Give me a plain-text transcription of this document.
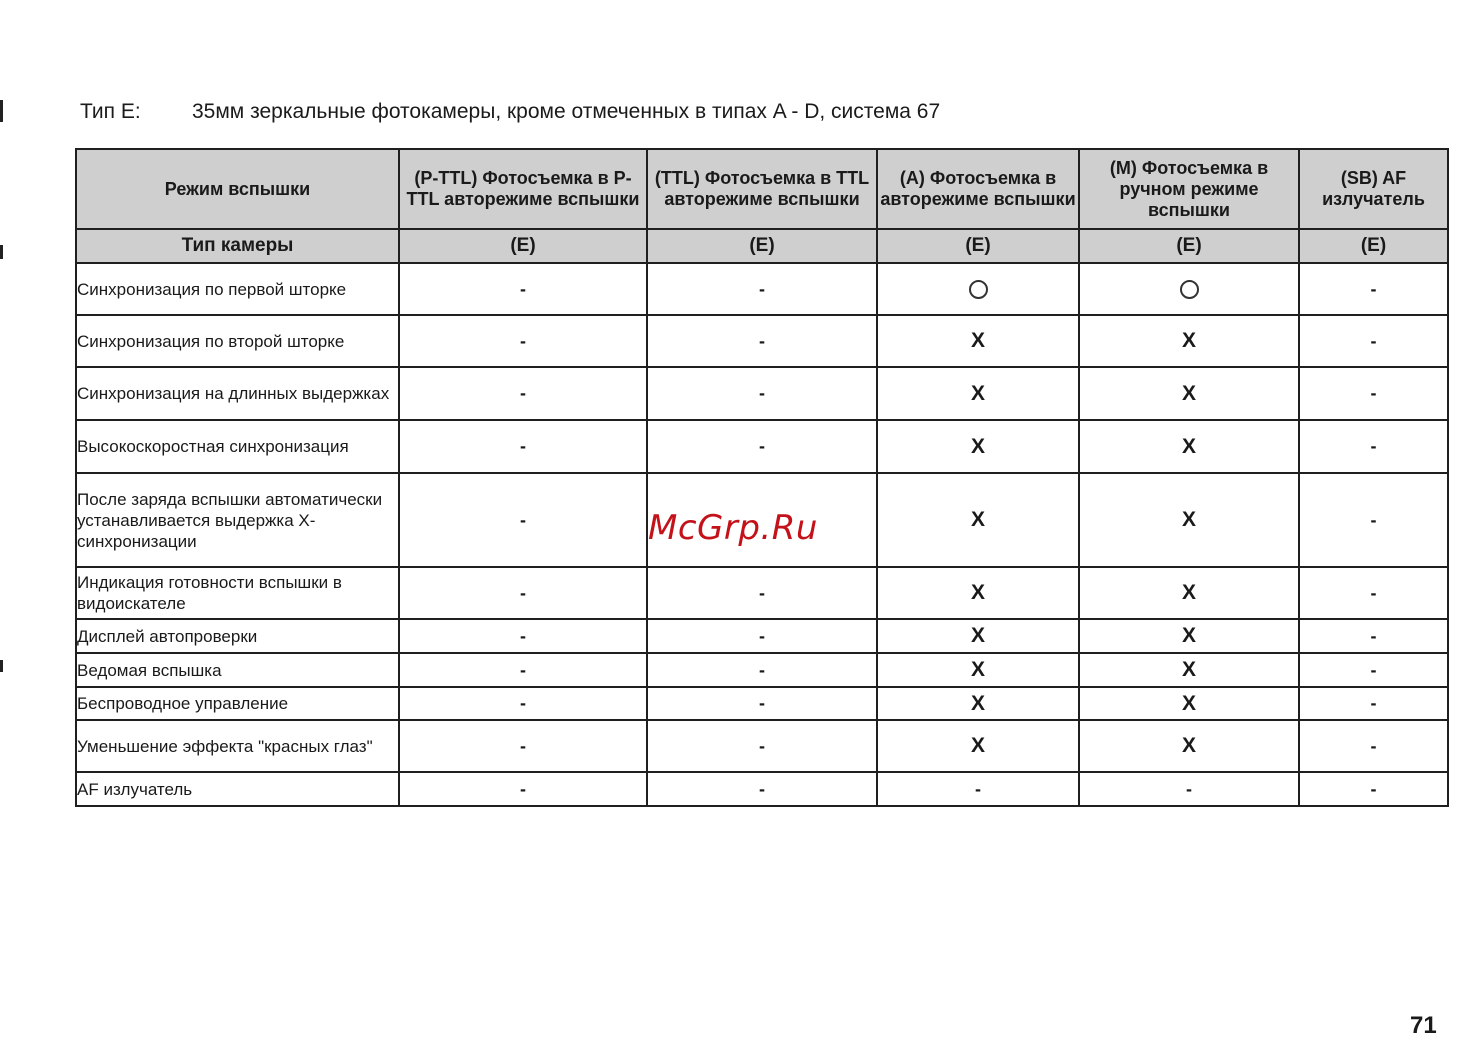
Тип E: 35мм зеркальные фотокамеры, кроме отмеченных в типах A - D, система 67
Режим вспышки	(P-TTL) Фотосъемка в P-TTL авторежиме вспышки	(TTL) Фотосъемка в TTL авторежиме вспышки	(A) Фотосъемка в авторежиме вспышки	(M) Фотосъемка в ручном режиме вспышки	(SB) AF излучатель
Тип камеры	(E)	(E)	(E)	(E)	(E)
Синхронизация по первой шторке	-	-			-
Синхронизация по второй шторке	-	-	X	X	-
Синхронизация на длинных выдержках	-	-	X	X	-
Высокоскоростная синхронизация	-	-	X	X	-
После заряда вспышки автоматически устанавливается выдержка X-синхронизации	-		X	X	-
Индикация готовности вспышки в видоискателе	-	-	X	X	-
Дисплей автопроверки	-	-	X	X	-
Ведомая вспышка	-	-	X	X	-
Беспроводное управление	-	-	X	X	-
Уменьшение эффекта "красных глаз"	-	-	X	X	-
AF излучатель	-	-	-	-	-
McGrp.Ru
71
